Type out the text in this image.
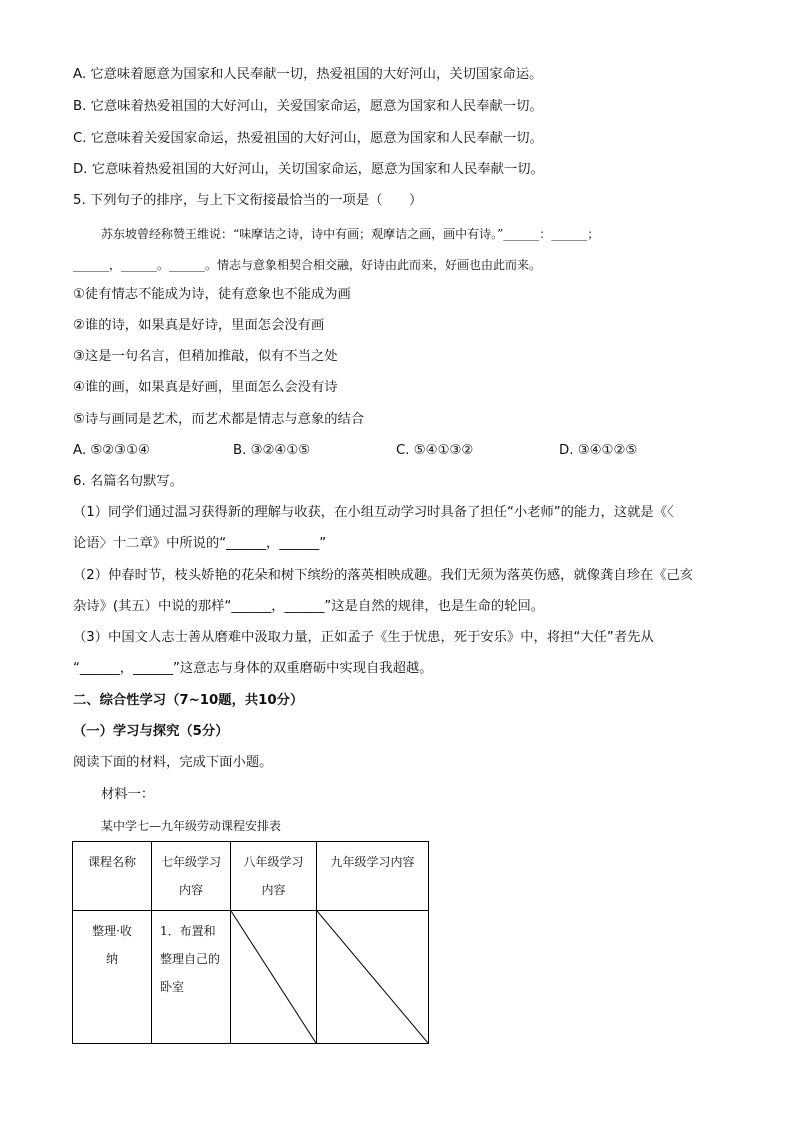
A. 它意味着愿意为国家和人民奉献一切，热爱祖国的大好河山，关切国家命运。
B. 它意味着热爱祖国的大好河山，关爱国家命运，愿意为国家和人民奉献一切。
C. 它意味着关爱国家命运，热爱祖国的大好河山，愿意为国家和人民奉献一切。
D. 它意味着热爱祖国的大好河山，关切国家命运，愿意为国家和人民奉献一切。
5. 下列句子的排序，与上下文衔接最恰当的一项是（　　）
苏东坡曾经称赞王维说：“味摩诘之诗，诗中有画；观摩诘之画，画中有诗。”______：______；
______，______。______。情志与意象相契合相交融，好诗由此而来，好画也由此而来。
①徒有情志不能成为诗，徒有意象也不能成为画
②谁的诗，如果真是好诗，里面怎会没有画
③这是一句名言，但稍加推敲，似有不当之处
④谁的画，如果真是好画，里面怎么会没有诗
⑤诗与画同是艺术，而艺术都是情志与意象的结合
A. ⑤②③①④	B. ③②④①⑤	C. ⑤④①③②	D. ③④①②⑤
6. 名篇名句默写。
（1）同学们通过温习获得新的理解与收获，在小组互动学习时具备了担任“小老师”的能力，这就是《〈
论语〉十二章》中所说的“______，______”
（2）仲春时节，枝头娇艳的花朵和树下缤纷的落英相映成趣。我们无须为落英伤感，就像龚自珍在《己亥
杂诗》(其五）中说的那样“______，______”这是自然的规律，也是生命的轮回。
（3）中国文人志士善从磨难中汲取力量，正如孟子《生于忧患，死于安乐》中，将担“大任”者先从
“______，______”这意志与身体的双重磨砺中实现自我超越。
二、综合性学习（7~10题，共10分）
（一）学习与探究（5分）
阅读下面的材料，完成下面小题。
材料一：
某中学七—九年级劳动课程安排表
课程名称	七年级学习内容	八年级学习内容	九年级学习内容
整理·收纳	1．布置和整理自己的卧室	
